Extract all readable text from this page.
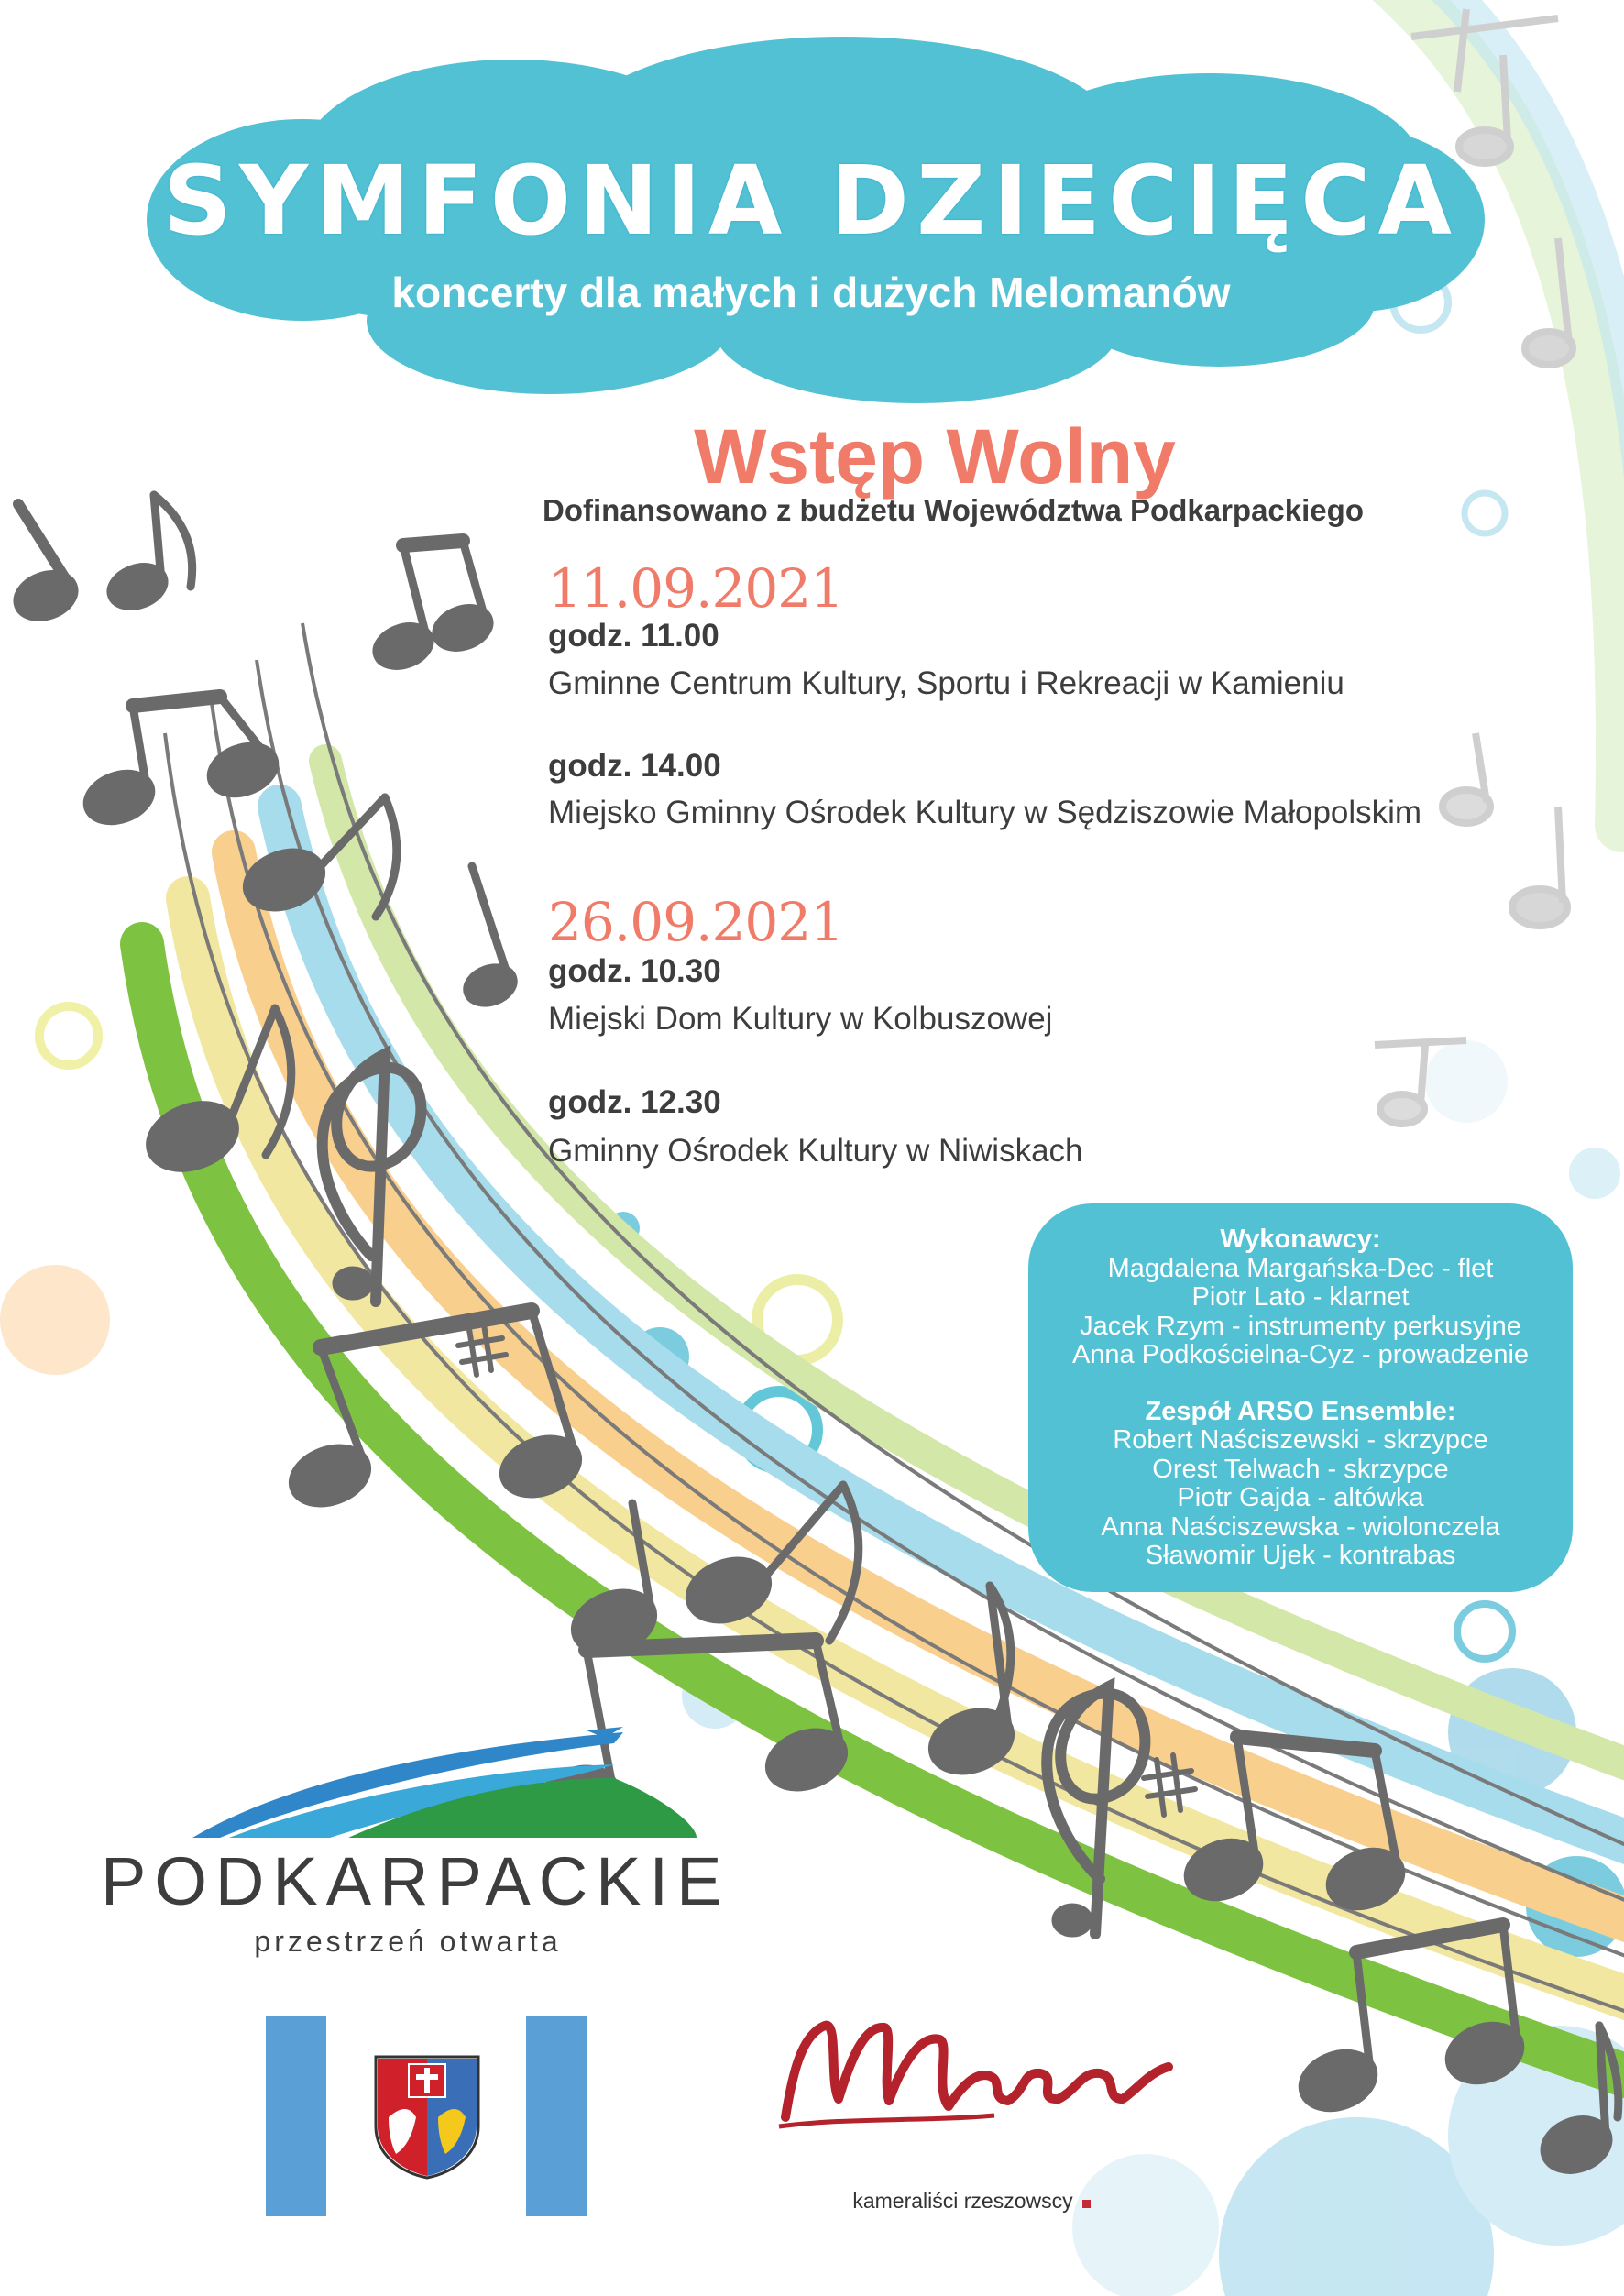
SYMFONIA DZIECIĘCA
koncerty dla małych i dużych Melomanów
Wstęp Wolny
Dofinansowano z budżetu Województwa Podkarpackiego
11.09.2021
godz. 11.00
Gminne Centrum Kultury, Sportu i Rekreacji w Kamieniu
godz. 14.00
Miejsko Gminny Ośrodek Kultury w Sędziszowie Małopolskim
26.09.2021
godz. 10.30
Miejski Dom Kultury w Kolbuszowej
godz. 12.30
Gminny Ośrodek Kultury w Niwiskach
Wykonawcy:
Magdalena Margańska-Dec - flet
Piotr Lato - klarnet
Jacek Rzym - instrumenty perkusyjne
Anna Podkościelna-Cyz - prowadzenie
Zespół ARSO Ensemble:
Robert Naściszewski - skrzypce
Orest Telwach - skrzypce
Piotr Gajda - altówka
Anna Naściszewska - wiolonczela
Sławomir Ujek - kontrabas
PODKARPACKIE
przestrzeń otwarta
kameraliści rzeszowscy
